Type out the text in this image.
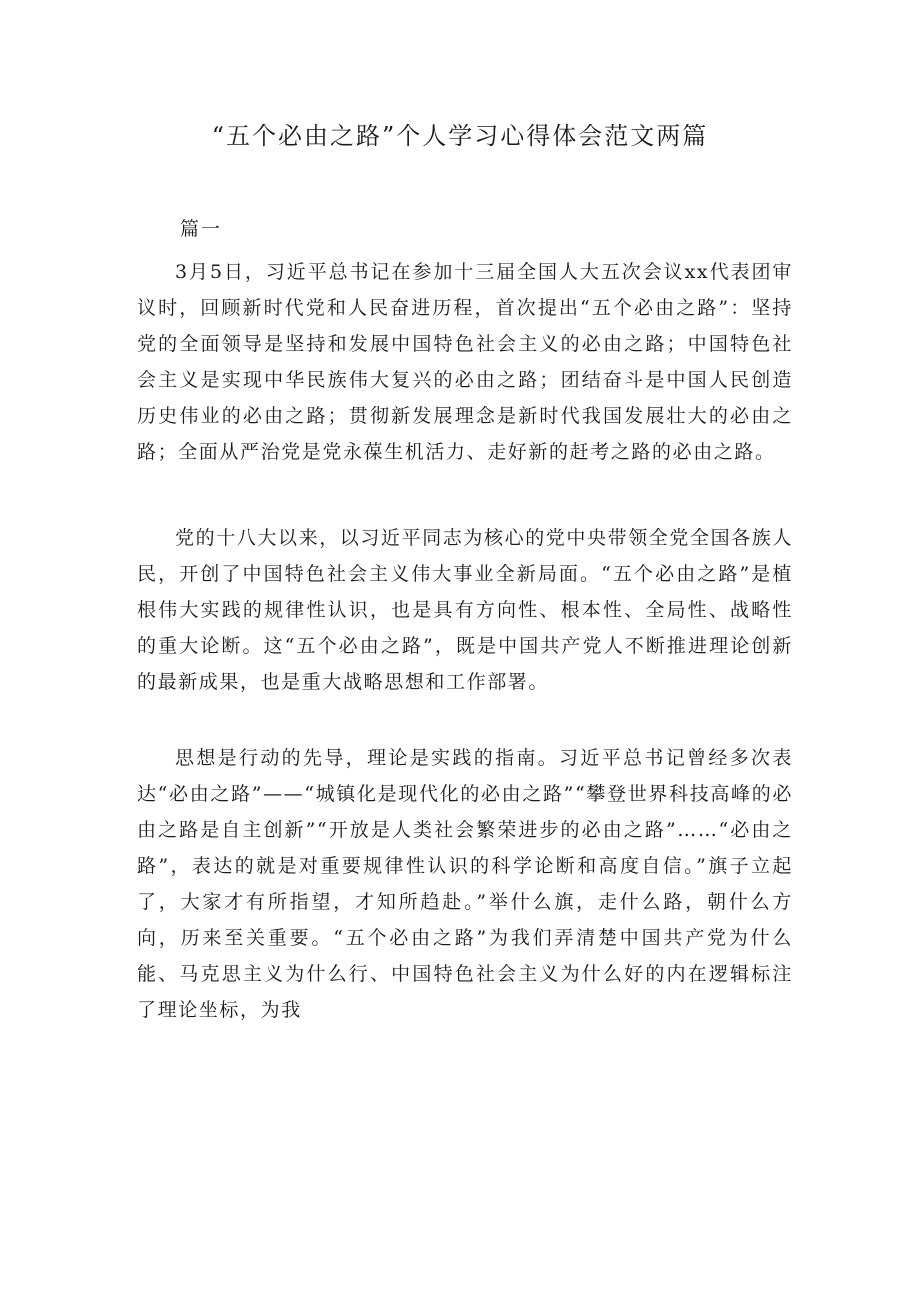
“五个必由之路”个人学习心得体会范文两篇
篇一

3月5日，习近平总书记在参加十三届全国人大五次会议xx代表团审议时，回顾新时代党和人民奋进历程，首次提出“五个必由之路”：坚持党的全面领导是坚持和发展中国特色社会主义的必由之路；中国特色社会主义是实现中华民族伟大复兴的必由之路；团结奋斗是中国人民创造历史伟业的必由之路；贯彻新发展理念是新时代我国发展壮大的必由之路；全面从严治党是党永葆生机活力、走好新的赶考之路的必由之路。

党的十八大以来，以习近平同志为核心的党中央带领全党全国各族人民，开创了中国特色社会主义伟大事业全新局面。“五个必由之路”是植根伟大实践的规律性认识，也是具有方向性、根本性、全局性、战略性的重大论断。这“五个必由之路”，既是中国共产党人不断推进理论创新的最新成果，也是重大战略思想和工作部署。

思想是行动的先导，理论是实践的指南。习近平总书记曾经多次表达“必由之路”——“城镇化是现代化的必由之路”“攀登世界科技高峰的必由之路是自主创新”“开放是人类社会繁荣进步的必由之路”……“必由之路”，表达的就是对重要规律性认识的科学论断和高度自信。”旗子立起了，大家才有所指望，才知所趋赴。”举什么旗，走什么路，朝什么方向，历来至关重要。“五个必由之路”为我们弄清楚中国共产党为什么能、马克思主义为什么行、中国特色社会主义为什么好的内在逻辑标注了理论坐标，为我
